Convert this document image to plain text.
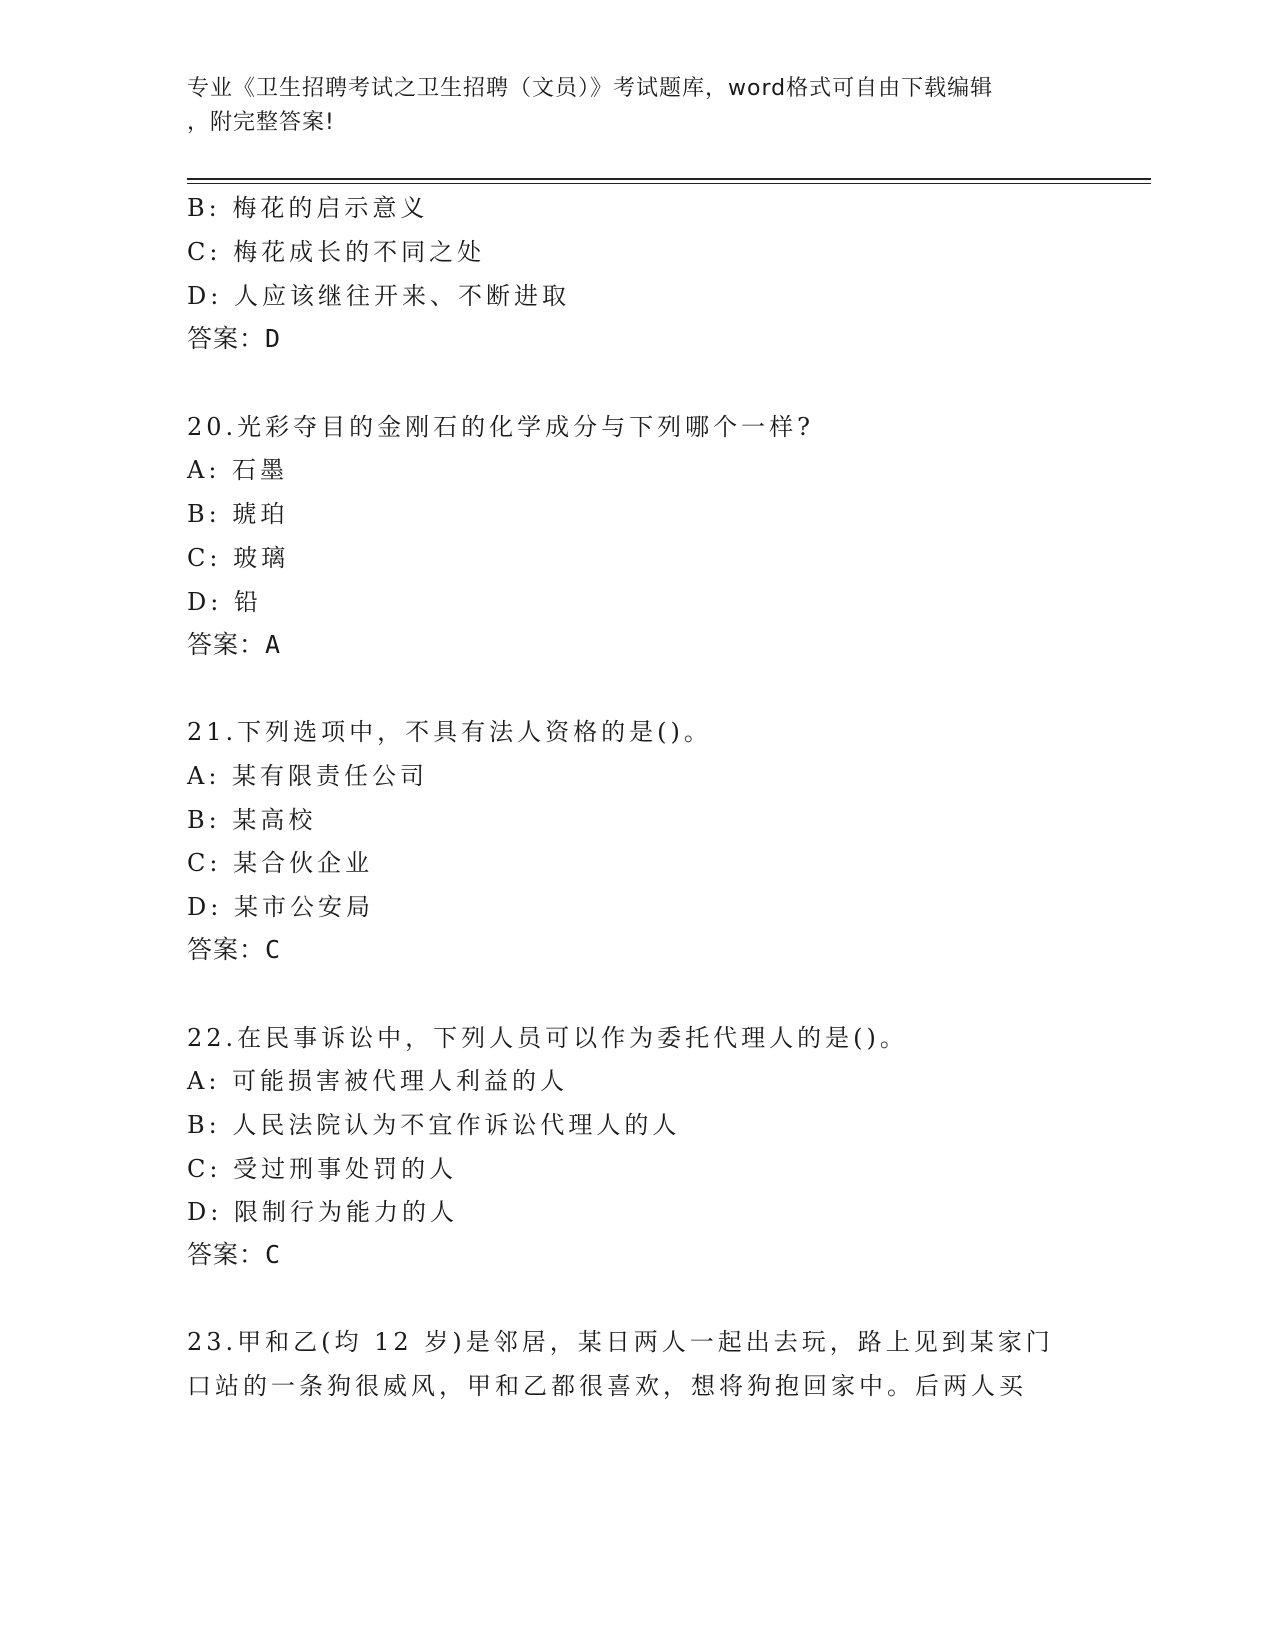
专业《卫生招聘考试之卫生招聘（文员）》考试题库，word格式可自由下载编辑
，附完整答案!
B: 梅花的启示意义
C: 梅花成长的不同之处
D: 人应该继往开来、不断进取
答案：D
20.光彩夺目的金刚石的化学成分与下列哪个一样?
A: 石墨
B: 琥珀
C: 玻璃
D: 铅
答案：A
21.下列选项中，不具有法人资格的是()。
A: 某有限责任公司
B: 某高校
C: 某合伙企业
D: 某市公安局
答案：C
22.在民事诉讼中，下列人员可以作为委托代理人的是()。
A: 可能损害被代理人利益的人
B: 人民法院认为不宜作诉讼代理人的人
C: 受过刑事处罚的人
D: 限制行为能力的人
答案：C
23.甲和乙(均 12 岁)是邻居，某日两人一起出去玩，路上见到某家门
口站的一条狗很威风，甲和乙都很喜欢，想将狗抱回家中。后两人买
